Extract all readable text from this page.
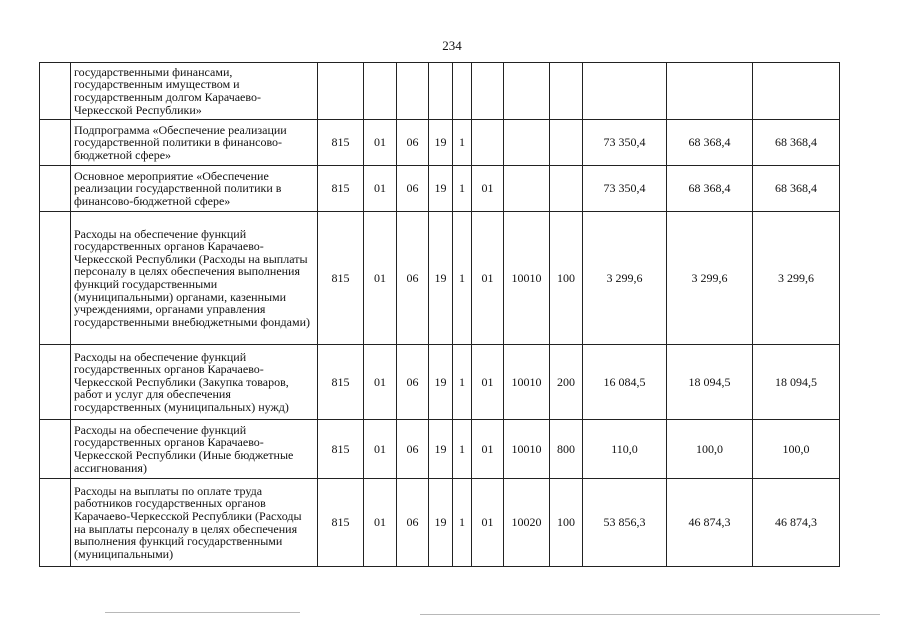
234
	государственными финансами, государственным имуществом и государственным долгом Карачаево-Черкесской Республики»											
	Подпрограмма «Обеспечение реализации государственной политики в финансово-бюджетной сфере»	815	01	06	19	1				73 350,4	68 368,4	68 368,4
	Основное мероприятие «Обеспечение реализации государственной политики в финансово-бюджетной сфере»	815	01	06	19	1	01			73 350,4	68 368,4	68 368,4
	Расходы на обеспечение функций государственных органов Карачаево-Черкесской Республики (Расходы на выплаты персоналу в целях обеспечения выполнения функций государственными (муниципальными) органами, казенными учреждениями, органами управления государственными внебюджетными фондами)	815	01	06	19	1	01	10010	100	3 299,6	3 299,6	3 299,6
	Расходы на обеспечение функций государственных органов Карачаево-Черкесской Республики (Закупка товаров, работ и услуг для обеспечения государственных (муниципальных) нужд)	815	01	06	19	1	01	10010	200	16 084,5	18 094,5	18 094,5
	Расходы на обеспечение функций государственных органов Карачаево-Черкесской Республики (Иные бюджетные ассигнования)	815	01	06	19	1	01	10010	800	110,0	100,0	100,0
	Расходы на выплаты по оплате труда работников государственных органов Карачаево-Черкесской Республики (Расходы на выплаты персоналу в целях обеспечения выполнения функций государственными (муниципальными)	815	01	06	19	1	01	10020	100	53 856,3	46 874,3	46 874,3
